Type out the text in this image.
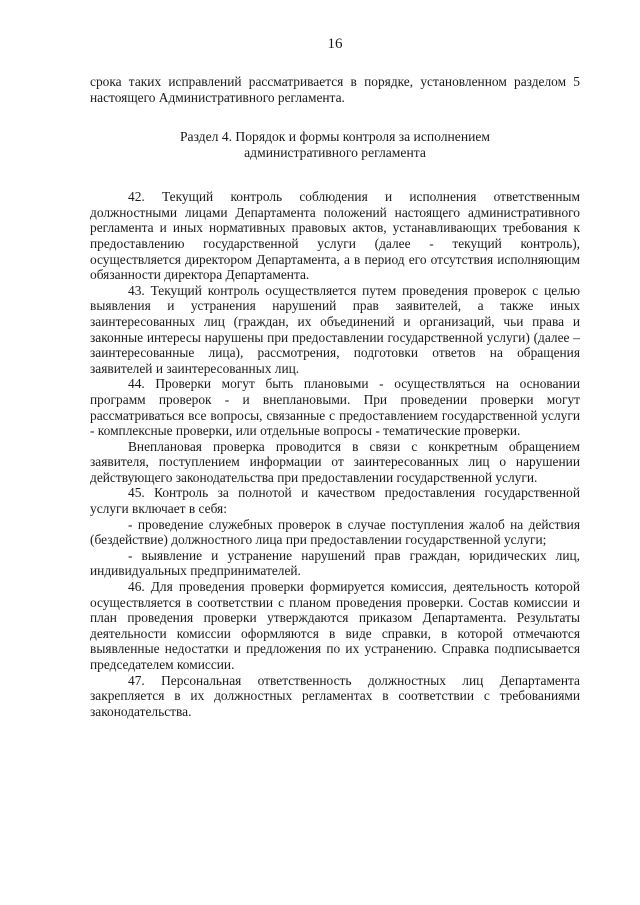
16

срока таких исправлений рассматривается в порядке, установленном разделом 5 настоящего Административного регламента.

Раздел 4. Порядок и формы контроля за исполнением
административного регламента

42. Текущий контроль соблюдения и исполнения ответственным должностными лицами Департамента положений настоящего административного регламента и иных нормативных правовых актов, устанавливающих требования к предоставлению государственной услуги (далее - текущий контроль), осуществляется директором Департамента, а в период его отсутствия исполняющим обязанности директора Департамента.

43. Текущий контроль осуществляется путем проведения проверок с целью выявления и устранения нарушений прав заявителей, а также иных заинтересованных лиц (граждан, их объединений и организаций, чьи права и законные интересы нарушены при предоставлении государственной услуги) (далее – заинтересованные лица), рассмотрения, подготовки ответов на обращения заявителей и заинтересованных лиц.

44. Проверки могут быть плановыми - осуществляться на основании программ проверок - и внеплановыми. При проведении проверки могут рассматриваться все вопросы, связанные с предоставлением государственной услуги - комплексные проверки, или отдельные вопросы - тематические проверки.

Внеплановая проверка проводится в связи с конкретным обращением заявителя, поступлением информации от заинтересованных лиц о нарушении действующего законодательства при предоставлении государственной услуги.

45. Контроль за полнотой и качеством предоставления государственной услуги включает в себя:

- проведение служебных проверок в случае поступления жалоб на действия (бездействие) должностного лица при предоставлении государственной услуги;

- выявление и устранение нарушений прав граждан, юридических лиц, индивидуальных предпринимателей.

46. Для проведения проверки формируется комиссия, деятельность которой осуществляется в соответствии с планом проведения проверки. Состав комиссии и план проведения проверки утверждаются приказом Департамента. Результаты деятельности комиссии оформляются в виде справки, в которой отмечаются выявленные недостатки и предложения по их устранению. Справка подписывается председателем комиссии.

47. Персональная ответственность должностных лиц Департамента закрепляется в их должностных регламентах в соответствии с требованиями законодательства.
